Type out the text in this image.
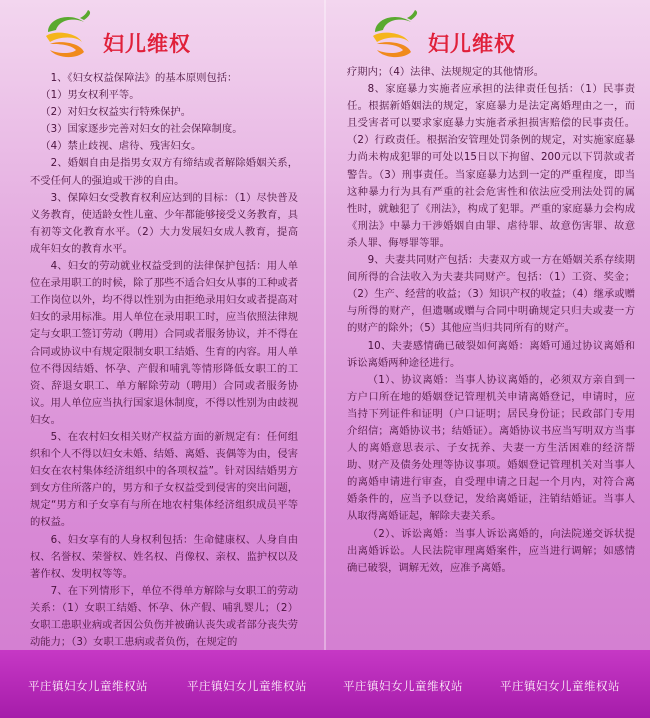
妇儿维权

1、《妇女权益保障法》的基本原则包括：

（1）男女权利平等。

（2）对妇女权益实行特殊保护。

（3）国家逐步完善对妇女的社会保障制度。

（4）禁止歧视、虐待、残害妇女。

2、婚姻自由是指男女双方有缔结或者解除婚姻关系，不受任何人的强迫或干涉的自由。

3、保障妇女受教育权利应达到的目标：（1）尽快普及义务教育，使适龄女性儿童、少年都能够接受义务教育，具有初等文化教育水平。（2）大力发展妇女成人教育，提高成年妇女的教育水平。

4、妇女的劳动就业权益受到的法律保护包括：用人单位在录用职工的时候，除了那些不适合妇女从事的工种或者工作岗位以外，均不得以性别为由拒绝录用妇女或者提高对妇女的录用标准。用人单位在录用职工时，应当依照法律规定与女职工签订劳动（聘用）合同或者服务协议，并不得在合同或协议中有规定限制女职工结婚、生育的内容。用人单位不得因结婚、怀孕、产假和哺乳等情形降低女职工的工资、辞退女职工、单方解除劳动（聘用）合同或者服务协议。用人单位应当执行国家退休制度，不得以性别为由歧视妇女。

5、在农村妇女相关财产权益方面的新规定有：任何组织和个人不得以妇女未婚、结婚、离婚、丧偶等为由，侵害妇女在农村集体经济组织中的各项权益”。针对因结婚男方到女方住所落户的，男方和子女权益受到侵害的突出问题，规定“男方和子女享有与所在地农村集体经济组织成员平等的权益。

6、妇女享有的人身权利包括：生命健康权、人身自由权、名誉权、荣誉权、姓名权、肖像权、亲权、监护权以及著作权、发明权等等。

7、在下列情形下，单位不得单方解除与女职工的劳动关系：（1）女职工结婚、怀孕、休产假、哺乳婴儿；（2）女职工患职业病或者因公负伤并被确认丧失或者部分丧失劳动能力；（3）女职工患病或者负伤，在规定的

妇儿维权

疗期内；（4）法律、法规规定的其他情形。

8、家庭暴力实施者应承担的法律责任包括：（1）民事责任。根据新婚姻法的规定，家庭暴力是法定离婚理由之一，而且受害者可以要求家庭暴力实施者承担损害赔偿的民事责任。（2）行政责任。根据治安管理处罚条例的规定，对实施家庭暴力尚未构成犯罪的可处以15日以下拘留、200元以下罚款或者警告。（3）刑事责任。当家庭暴力达到一定的严重程度，即当这种暴力行为具有严重的社会危害性和依法应受刑法处罚的属性时，就触犯了《刑法》，构成了犯罪。严重的家庭暴力会构成《刑法》中暴力干涉婚姻自由罪、虐待罪、故意伤害罪、故意杀人罪、侮辱罪等罪。

9、夫妻共同财产包括：夫妻双方或一方在婚姻关系存续期间所得的合法收入为夫妻共同财产。包括：（1）工资、奖金；（2）生产、经营的收益；（3）知识产权的收益；（4）继承或赠与所得的财产，但遗嘱或赠与合同中明确规定只归夫或妻一方的财产的除外；（5）其他应当归共同所有的财产。

10、夫妻感情确已破裂如何离婚：离婚可通过协议离婚和诉讼离婚两种途径进行。

（1）、协议离婚：当事人协议离婚的，必须双方亲自到一方户口所在地的婚姻登记管理机关申请离婚登记，申请时，应当持下列证件和证明（户口证明；居民身份证；民政部门专用介绍信；离婚协议书；结婚证）。离婚协议书应当写明双方当事人的离婚意思表示、子女抚养、夫妻一方生活困难的经济帮助、财产及债务处理等协议事项。婚姻登记管理机关对当事人的离婚申请进行审查，自受理申请之日起一个月内，对符合离婚条件的，应当予以登记，发给离婚证，注销结婚证。当事人从取得离婚证起，解除夫妻关系。

（2）、诉讼离婚：当事人诉讼离婚的，向法院递交诉状提出离婚诉讼。人民法院审理离婚案件，应当进行调解；如感情确已破裂，调解无效，应准予离婚。

平庄镇妇女儿童维权站	平庄镇妇女儿童维权站	平庄镇妇女儿童维权站	平庄镇妇女儿童维权站
